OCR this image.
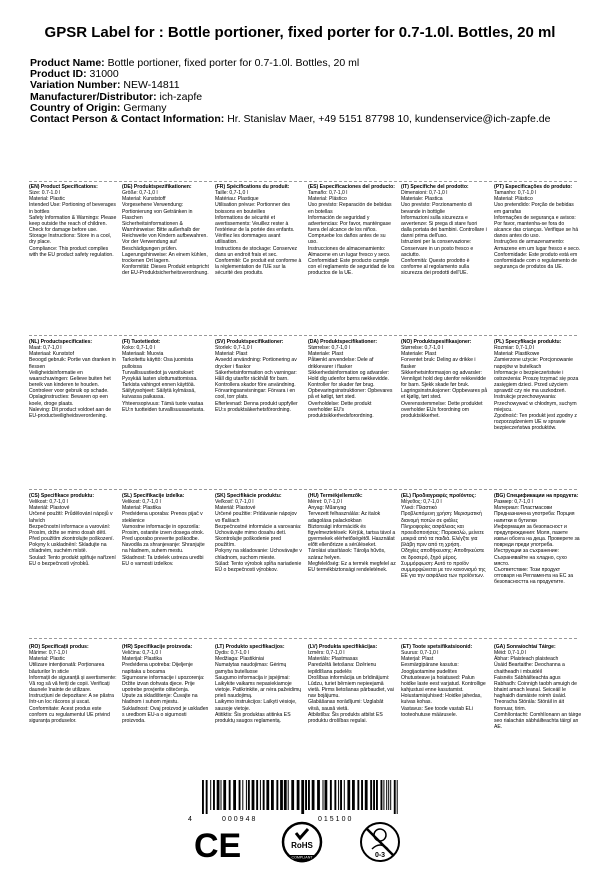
GPSR Label for : Bottle portioner, fixed porter for 0.7-1.0l. Bottles, 20 ml
Product Name: Bottle portioner, fixed porter for 0.7-1.0l. Bottles, 20 ml
Product ID: 31000
Variation Number: NEW-14811
Manufacturer/Distributor: ich-zapfe
Country of Origin: Germany
Contact Person & Contact Information: Hr. Stanislav Maer, +49 5151 87798 10, kundenservice@ich-zapfe.de
(EN) Product Specifications:
Size: 0.7-1.0 l
Material: Plastic
Intended Use: Portioning of beverages in bottles
Safety Information & Warnings: Please keep outside the reach of children. Check for damage before use.
Storage Instructions: Store in a cool, dry place.
Compliance: This product complies with the EU product safety regulation.
(DE) Produktspezifikationen:
Größe: 0,7-1,0 l
Material: Kunststoff
Vorgesehene Verwendung: Portionierung von Getränken in Flaschen
Sicherheitsinformationen & Warnhinweise: Bitte außerhalb der Reichweite von Kindern aufbewahren. Vor der Verwendung auf Beschädigungen prüfen.
Lagerungshinweise: An einem kühlen, trockenen Ort lagern.
Konformität: Dieses Produkt entspricht der EU-Produktsicherheitsverordnung.
(FR) Spécifications du produit:
Taille: 0,7-1,0 l
Matériau: Plastique
Utilisation prévue: Portionner des boissons en bouteilles
Informations de sécurité et avertissements: Veuillez rester à l'extérieur de la portée des enfants. Vérifiez les dommages avant utilisation.
Instructions de stockage: Conservez dans un endroit frais et sec.
Conformité: Ce produit est conforme à la réglementation de l'UE sur la sécurité des produits.
(ES) Especificaciones del producto:
Tamaño: 0,7-1,0 l
Material: Plástico
Uso previsto: Reparación de bebidas en botellas
Información de seguridad y advertencias: Por favor, manténgase fuera del alcance de los niños. Compruebe los daños antes de su uso.
Instrucciones de almacenamiento: Almacene en un lugar fresco y seco.
Conformidad: Este producto cumple con el reglamento de seguridad de los productos de la UE.
(IT) Specifiche del prodotto:
Dimensioni: 0,7-1,0 l
Materiale: Plastica
Uso previsto: Porzionamento di bevande in bottiglie
Informazioni sulla sicurezza e avvertenze: Si prega di stare fuori dalla portata dei bambini. Controllare i danni prima dell'uso.
Istruzioni per la conservazione: Conservare in un posto fresco e asciutto.
Conformità: Questo prodotto è conforme al regolamento sulla sicurezza dei prodotti dell'UE.
(PT) Especificações do produto:
Tamanho: 0,7-1,0 l
Material: Plástico
Uso pretendido: Porção de bebidas em garrafas
Informações de segurança e avisos: Por favor, mantenha-se fora do alcance das crianças. Verifique se há danos antes do uso.
Instruções de armazenamento: Armazene em um lugar fresco e seco.
Conformidade: Este produto está em conformidade com o regulamento de segurança de produtos da UE.
(NL) Productspecificaties:
Maat: 0,7-1,0 l
Materiaal: Kunststof
Beoogd gebruik: Portie van dranken in flessen
Veiligheidsinformatie en waarschuwingen: Gelieve buiten het bereik van kinderen te houden. Controleer voor gebruik op schade.
Opslaginstructies: Bewaren op een koele, droge plaats.
Naleving: Dit product voldoet aan de EU-productveiligheidsverordening.
(FI) Tuotetiedot:
Koko: 0,7-1,0 l
Materiaali: Muovia
Tarkoitettu käyttö: Osa juomista pulloissa
Turvallisuustiedot ja varoitukset: Pysykää lasten ulottumattomissa. Tarkista vahingot ennen käyttöä.
Säilytysohjeet: Säilytä kylmässä, kuivassa paikassa.
Yhteensopivuus: Tämä tuote vastaa EU:n tuotteiden turvallisuusasetusta.
(SV) Produktspecifikationer:
Storlek: 0,7-1,0 l
Material: Plast
Avsedd användning: Portionering av drycker i flaskor
Säkerhetsinformation och varningar: Håll dig utanför räckhåll för barn. Kontrollera skador före användning.
Förvaringsanvisningar: Förvara i en cool, torr plats.
Efterlevnad: Denna produkt uppfyller EU:s produktsäkerhetsförordning.
(DA) Produktspecifikationer:
Størrelse: 0,7-1,0 l
Materiale: Plast
Påtænkt anvendelse: Dele af drikkevarer i flasker
Sikkerhedsinformation og advarsler: Hold dig udenfor børns rækkevidde. Kontroller for skader før brug.
Opbevaringsinstruktioner: Opbevares på et køligt, tørt sted.
Overholdelse: Dette produkt overholder EU's produktsikkerhedsforordning.
(NO) Produktspesifikasjoner:
Størrelse: 0,7-1,0 l
Materiale: Plast
Forventet bruk: Deling av drikke i flasker
Sikkerhetsinformasjon og advarsler: Vennligst hold deg utenfor rekkevidde for barn. Sjekk skade før bruk.
Lagringsinstruksjoner: Oppbevares på et kjølig, tørt sted.
Overensstemmelse: Dette produktet overholder EUs forordning om produktsikkerhet.
(PL) Specyfikacje produktu:
Rozmiar: 0,7-1,0 l
Materiał: Plastikowe
Zamierzone użycie: Porcjonowanie napojów w butelkach
Informacje o bezpieczeństwie i ostrzeżenia: Proszę trzymać się poza zasięgiem dzieci. Przed użyciem sprawdź czy nie ma uszkodzeń.
Instrukcje przechowywania: Przechowywać w chłodnym, suchym miejscu.
Zgodność: Ten produkt jest zgodny z rozporządzeniem UE w sprawie bezpieczeństwa produktów.
(CS) Specifikace produktu:
Velikost: 0,7-1,0 l
Materiál: Plastové
Určené použití: Průdělování nápojů v lahvích
Bezpečnostní informace a varování: Prosím, držte se mimo dosah dětí. Před použitím zkontrolujte poškození.
Pokyny k uskladnění: Skladujte na chladném, suchém místě.
Soulad: Tento produkt splňuje nařízení EU o bezpečnosti výrobků.
(SL) Specifikacije izdelka:
Velikost: 0,7-1,0 l
Material: Plastika
Predvidena uporaba: Prenos pijač v steklenice
Varnostne informacije in opozorila: Prosim, ostanite izven dosega otrok. Pred uporabo preverite poškodbe.
Navodila za shranjevanje: Shranjujte na hladnem, suhem mestu.
Skladnost: Ta izdelek ustreza uredbi EU o varnosti izdelkov.
(SK) Špecifikácie produktu:
Veľkosť: 0,7-1,0 l
Materiál: Plastové
Určené použitie: Prídávanie nápojov vo fľašiach
Bezpečnostné informácie a varovania: Uchovávajte mimo dosahu detí. Skontrolujte poškodenie pred použitím.
Pokyny na skladovanie: Uchovávajte v chladnom, suchom mieste.
Súlad: Tento výrobok spĺňa nariadenie EÚ o bezpečnosti výrobkov.
(HU) Termékjellemzők:
Méret: 0,7-1,0 l
Anyag: Műanyag
Tervezett felhasználás: Az italok adagolása palackokban
Biztonsági információk és figyelmeztetések: Kérjük, tartsa távol a gyermekek elérhetőségétől. Használat előtt ellenőrizze a sérüléseket.
Tárolási utasítások: Tárolja hűvös, száraz helyen.
Megfelelőség: Ez a termék megfelel az EU termékbiztonsági rendeletének.
(EL) Προδιαγραφές προϊόντος:
Μέγεθος: 0,7-1,0 l
Υλικό: Πλαστικό
Προβλεπόμενη χρήση: Μερισματική διανομή ποτών σε φιάλες
Πληροφορίες ασφάλειας και προειδοποιήσεις: Παρακαλώ, μείνετε μακριά από τα παιδιά. Ελέγξτε για βλάβη πριν από τη χρήση.
Οδηγίες αποθήκευσης: Αποθηκεύστε σε δροσερό, ξηρό μέρος.
Συμμόρφωση: Αυτό το προϊόν συμμορφώνεται με τον κανονισμό της ΕΕ για την ασφάλεια των προϊόντων.
(BG) Спецификации на продукта:
Размер: 0,7-1,0 l
Материал: Пластмасови
Предназначена употреба: Порция напитки в бутилки
Информация за безопасност и предупреждения: Моля, пазете извън обсега на деца. Проверете за повреди преди употреба.
Инструкции за съхранение: Съхранявайте на хладно, сухо място.
Съответствие: Този продукт отговаря на Регламента на ЕС за безопасността на продуктите.
(RO) Specificații produs:
Mărime: 0,7-1,0 l
Material: Plastic
Utilizare intenționată: Porționarea băuturilor în sticle
Informații de siguranță și avertismente: Vă rog să vă feriți de copii. Verificați daunele înainte de utilizare.
Instrucțiuni de depozitare: A se păstra într-un loc răcoros și uscat.
Conformitate: Acest produs este conform cu regulamentul UE privind siguranța produselor.
(HR) Specifikacije proizvoda:
Veličina: 0,7-1,0 l
Materijal: Plastika
Predviđena upotreba: Dijeljenje napitaka u bocama
Sigurnosne informacije i upozorenja: Držite izvan dohvata djece. Prije upotrebe provjerite oštećenja.
Upute za skladištenje: Čuvajte na hladnom i suhom mjestu.
Sukladnost: Ovaj proizvod je usklađen s uredbom EU-a o sigurnosti proizvoda.
(LT) Produkto specifikacijos:
Dydis: 0,7-1,0 l
Medžiaga: Plastikiniai
Numatytas naudojimas: Gėrimų gamyba butelluose
Saugumo informacija ir įspėjimai: Laikykite vaikams nepasiekiamoje vietoje. Patikrinkite, ar nėra pažeidimų prieš naudojimą.
Laikymo instrukcijos: Laikyti vėsioje, sausoje vietoje.
Atitiktis: Šis produktas atitinka ES produktų saugos reglamentą.
(LV) Produkta specifikācijas:
Izmērs: 0,7-1,0 l
Materiāls: Plastmasas
Paredzētā lietošana: Dzērienu iepildīšana pudelēs
Drošības informācija un brīdinājumi: Lūdzu, turiet bērniem nepieejamā vietā. Pirms lietošanas pārbaudiet, vai nav bojājumu.
Glabāšanas norādījumi: Uzglabāt vēsā, sausā vietā.
Atbilstība: Šis produkts atbilst ES produktu drošības regulai.
(ET) Toote spetsifikatsioonid:
Suurus: 0,7-1,0 l
Materjal: Plast
Eesmärgipärane kasutus: Joogijaotamine pudelites
Ohutusteave ja hoiatused: Palun hoidke laste eest varjatud. Kontrollige kahjustusi enne kasutamist.
Hoiustamisjuhised: Hoidke jahedas, kuivas kohas.
Vastavus: See toode vastab ELi tooteohutuse määrusele.
(GA) Sonraíochtaí Táirge:
Méid: 0,7-1,0 l
Ábhar: Plaisteach plaisteach
Úsáid Beartaithe: Deochanna a chaitheadh i mbuidéil
Faisnéis Sábháilteachta agus Rabhadh: Coinnigh taobh amuigh de bhaint amach leanaí. Seiceáil le haghaidh damáiste roimh úsáid.
Treoracha Stórála: Stóráil in áit fionnuar, tirim.
Comhlíontacht: Comhlíonann an táirge seo rialachán sábháilteachta táirgí an AE.
4	000948	015100
CE	RoHS
COMPLIANT	0-3
